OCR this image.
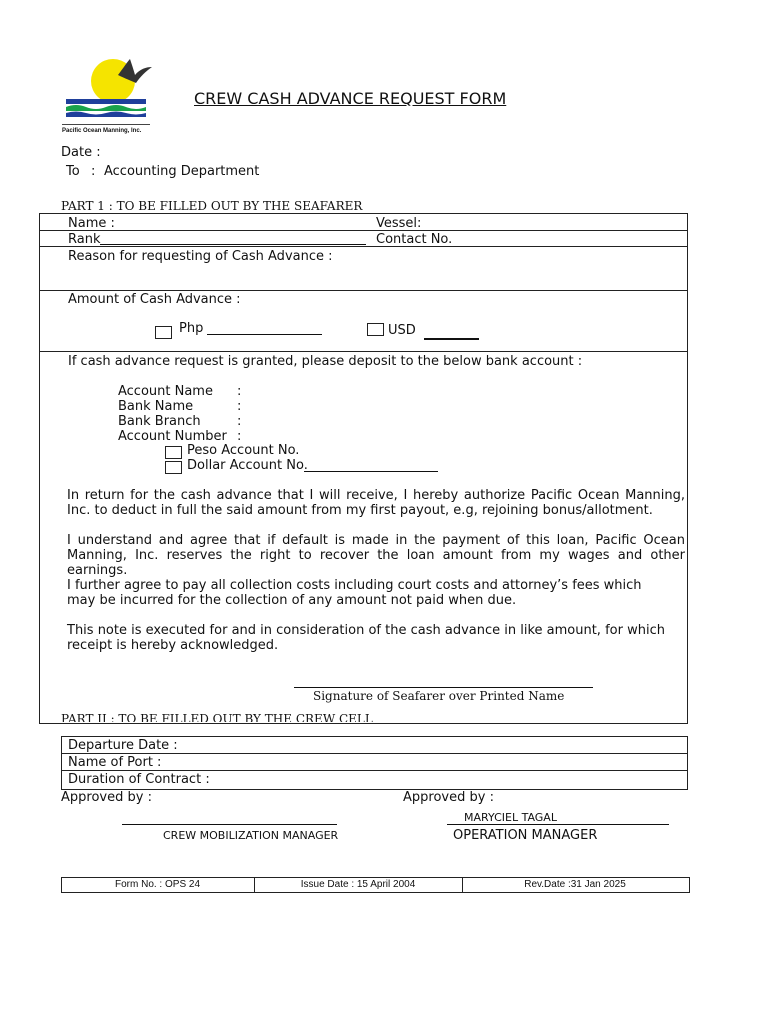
Pacific Ocean Manning, Inc.
CREW CASH ADVANCE REQUEST FORM
Date :
To : Accounting Department
PART 1 : TO BE FILLED OUT BY THE SEAFARER
Name :	Vessel:
Rank	Contact No.
Reason for requesting of Cash Advance :
Amount of Cash Advance :
Php	USD
If cash advance request is granted, please deposit to the below bank account :
Account Name :
Bank Name	:
Bank Branch	:
Account Number :
Peso Account No.
Dollar Account No.
In return for the cash advance that I will receive, I hereby authorize Pacific Ocean Manning, Inc. to deduct in full the said amount from my first payout, e.g, rejoining bonus/allotment.
I understand and agree that if default is made in the payment of this loan, Pacific Ocean Manning, Inc. reserves the right to recover the loan amount from my wages and other earnings.
I further agree to pay all collection costs including court costs and attorney’s fees which may be incurred for the collection of any amount not paid when due.
This note is executed for and in consideration of the cash advance in like amount, for which receipt is hereby acknowledged.
Signature of Seafarer over Printed Name
PART II : TO BE FILLED OUT BY THE CREW CELL
Departure Date :
Name of Port :
Duration of Contract :
Approved by :	Approved by :
CREW MOBILIZATION MANAGER
MARYCIEL TAGAL
OPERATION MANAGER
Form No. : OPS 24	Issue Date : 15 April 2004	Rev.Date :31 Jan 2025
